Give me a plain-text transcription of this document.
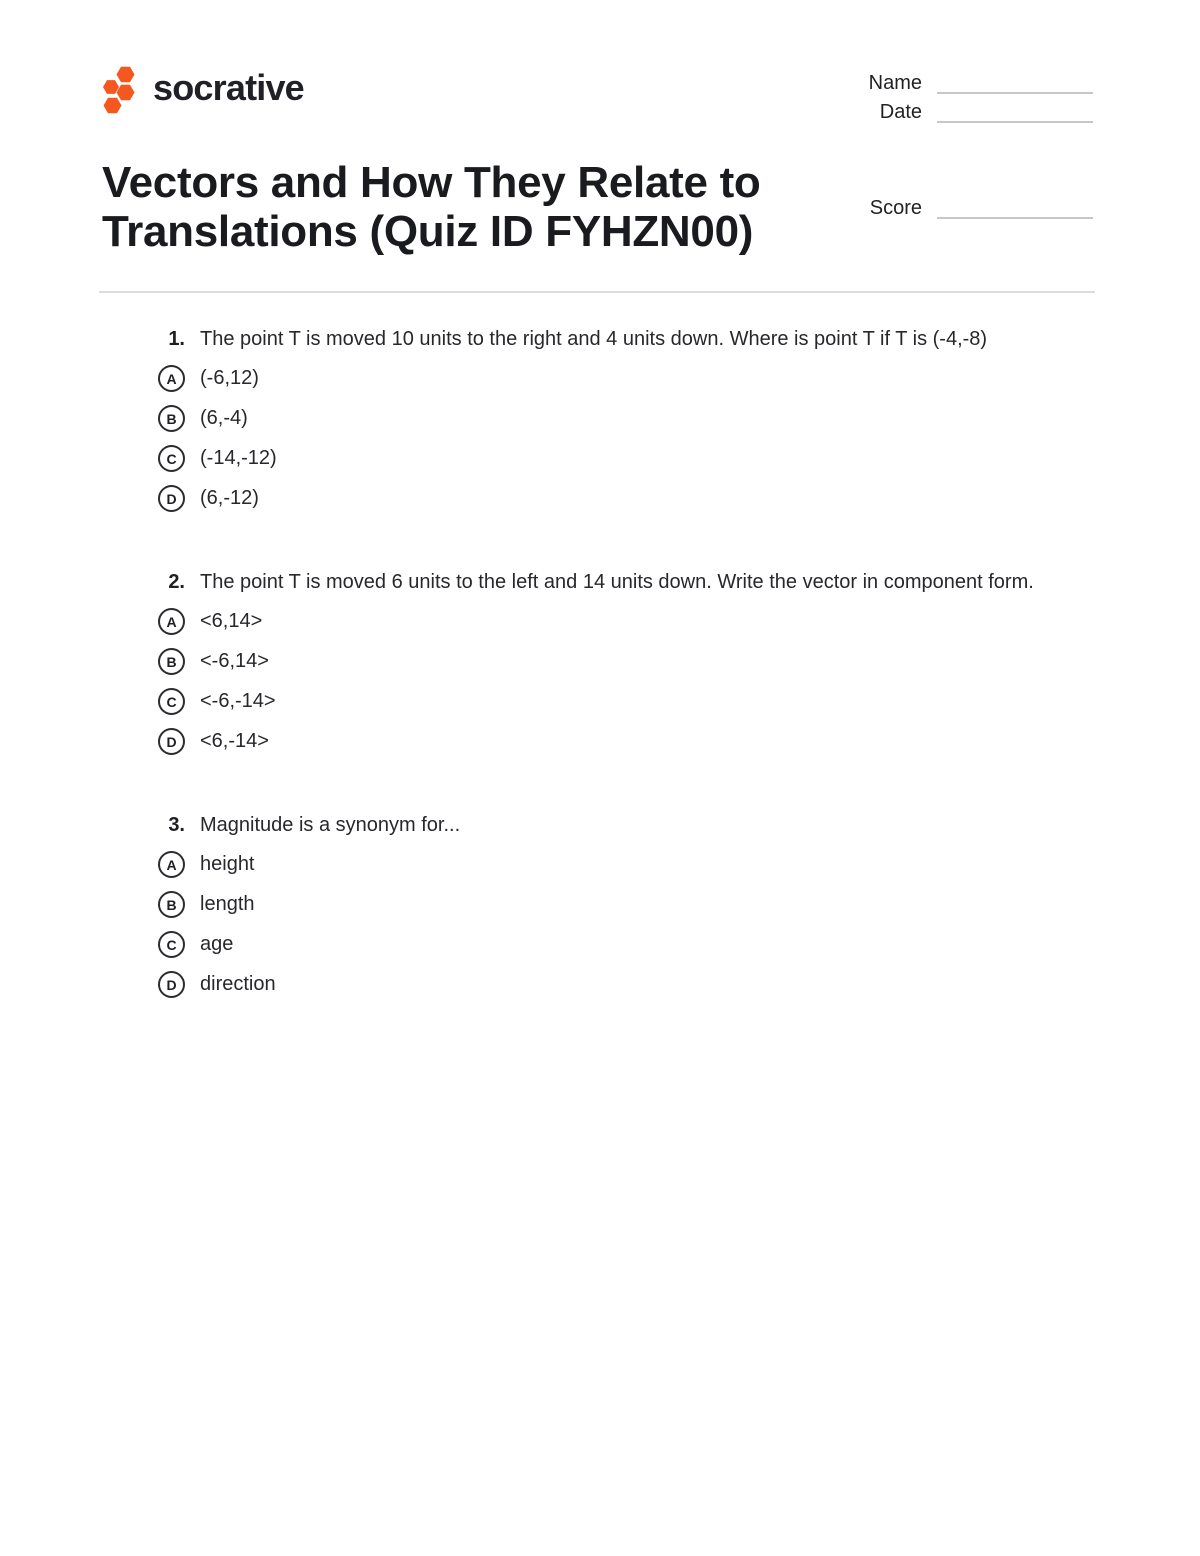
socrative	Name
Date
Vectors and How They Relate to Translations (Quiz ID FYHZN00)	Score
1. The point T is moved 10 units to the right and 4 units down. Where is point T if T is (-4,-8)
A	(-6,12)
B	(6,-4)
C	(-14,-12)
D	(6,-12)
2. The point T is moved 6 units to the left and 14 units down. Write the vector in component form.
A	<6,14>
B	<-6,14>
C	<-6,-14>
D	<6,-14>
3. Magnitude is a synonym for...
A	height
B	length
C	age
D	direction
